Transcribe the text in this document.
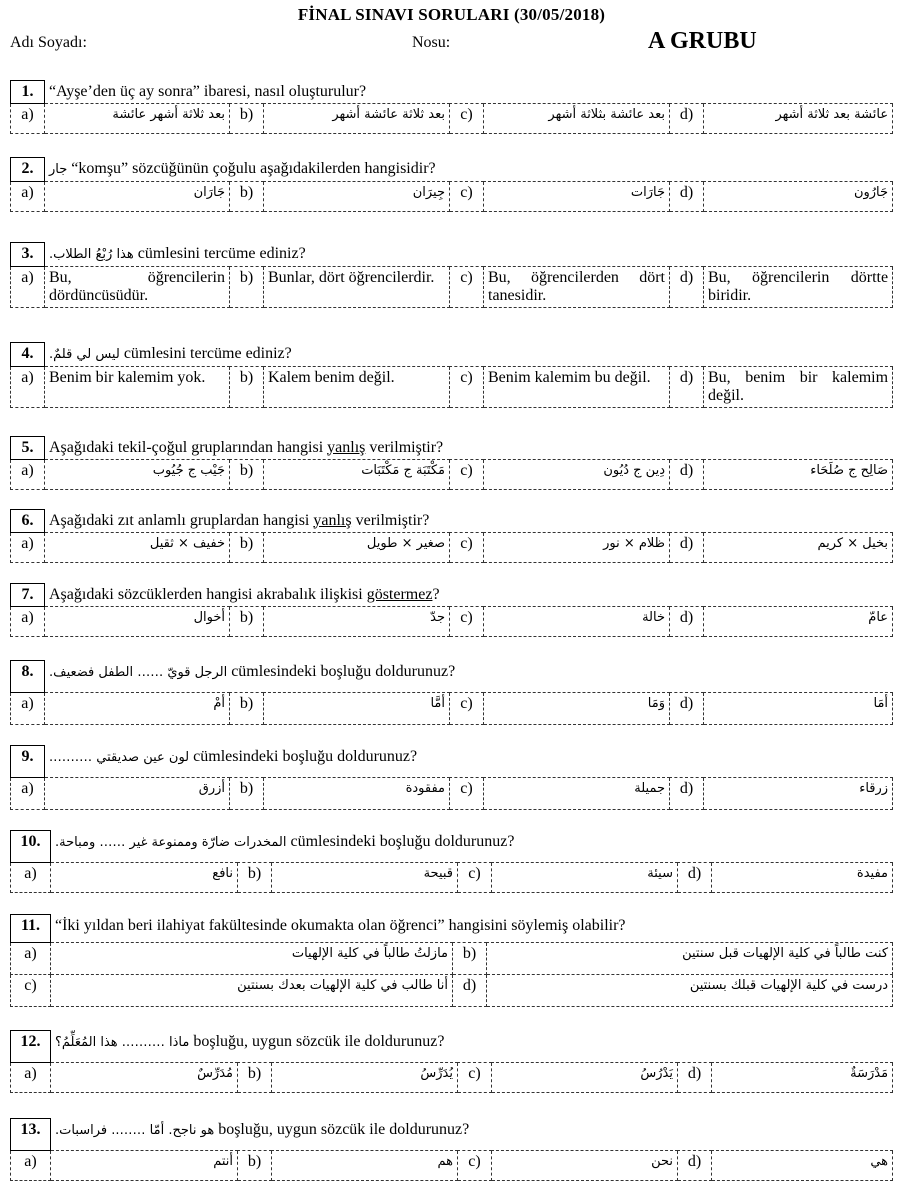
FİNAL SINAVI SORULARI (30/05/2018)
Adı Soyadı:	Nosu:	A GRUBU
1.	“Ayşe’den üç ay sonra” ibaresi, nasıl oluşturulur?						
a)	بعد ثلاثة أشهر عائشة	b)	بعد ثلاثة عائشة أشهر	c)	بعد عائشة بثلاثة أشهر	d)	عائشة بعد ثلاثة أشهر
2.	جار “komşu” sözcüğünün çoğulu aşağıdakilerden hangisidir?						
a)	جَارَان	b)	جِيرَان	c)	جَارَات	d)	جَارُون
3.	هذا رُبْعُ الطلاب. cümlesini tercüme ediniz?						
a)	Bu, öğrencilerin dördüncüsüdür.	b)	Bunlar, dört öğrencilerdir.	c)	Bu, öğrencilerden dört tanesidir.	d)	Bu, öğrencilerin dörtte biridir.
4.	ليس لي قلمٌ. cümlesini tercüme ediniz?						
a)	Benim bir kalemim yok.	b)	Kalem benim değil.	c)	Benim kalemim bu değil.	d)	Bu, benim bir kalemim değil.
5.	Aşağıdaki tekil-çoğul gruplarından hangisi yanlış verilmiştir?						
a)	جَيْب ج جُيُوب	b)	مَكْتَبَة ج مَكْتَبَات	c)	دِين ج دُيُون	d)	صَالِح ج صُلَحَاء
6.	Aşağıdaki zıt anlamlı gruplardan hangisi yanlış verilmiştir?						
a)	خفيف × ثقيل	b)	صغير × طويل	c)	ظلام × نور	d)	بخيل × كريم
7.	Aşağıdaki sözcüklerden hangisi akrabalık ilişkisi göstermez?						
a)	أخوال	b)	جدّ	c)	خالة	d)	عامّ
8.	الرجل قويّ …… الطفل فضعيف. cümlesindeki boşluğu doldurunuz?						
a)	أمْ	b)	أمَّا	c)	وَمَا	d)	أمَا
9.	لون عين صديقتي ………. cümlesindeki boşluğu doldurunuz?						
a)	أزرق	b)	مفقودة	c)	جميلة	d)	زرقاء
10.	المخدرات ضارّة وممنوعة غير …… ومباحة. cümlesindeki boşluğu doldurunuz?						
a)	نافع	b)	قبيحة	c)	سيئة	d)	مفيدة
11.	“İki yıldan beri ilahiyat fakültesinde okumakta olan öğrenci” hangisini söylemiş olabilir?		
a)	مازلتُ طالباً في كلية الإلهيات	b)	كنت طالباً في كلية الإلهيات قبل سنتين
c)	أنا طالب في كلية الإلهيات بعدك بسنتين	d)	درست في كلية الإلهيات قبلك بسنتين
12.	ماذا ………. هذا المُعَلِّمُ؟ boşluğu, uygun sözcük ile doldurunuz?						
a)	مُدَرِّسٌ	b)	يُدَرِّسُ	c)	يَدْرُسُ	d)	مَدْرَسَةٌ
13.	هو ناجح. أمّا …….. فراسبات. boşluğu, uygun sözcük ile doldurunuz?						
a)	أنتم	b)	هم	c)	نحن	d)	هي
